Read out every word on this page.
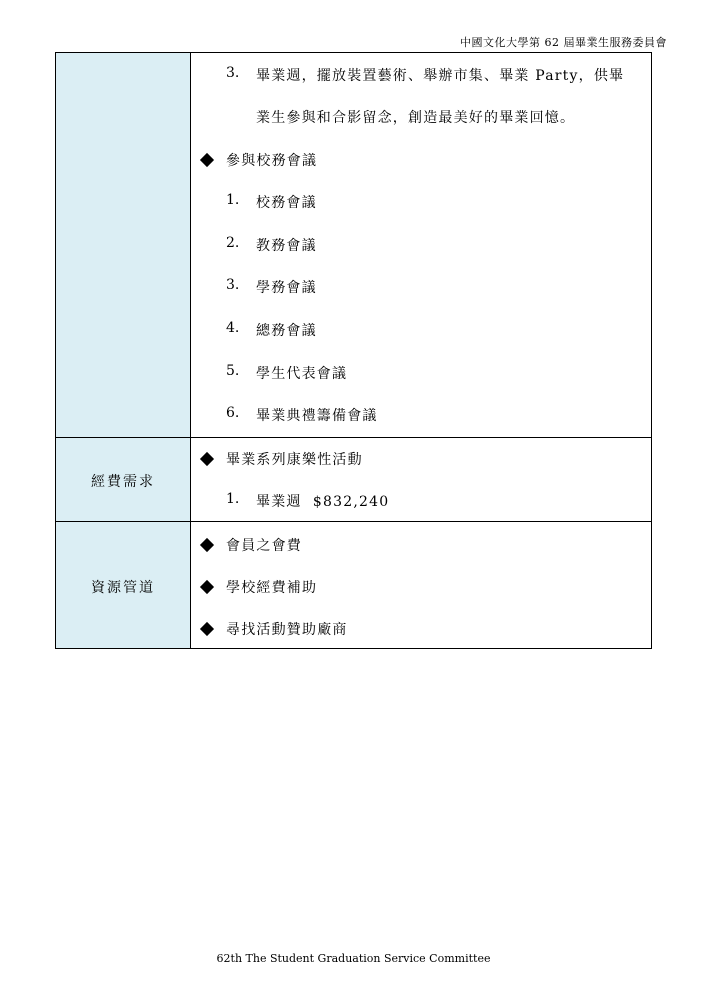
中國文化大學第 62 屆畢業生服務委員會
3. 畢業週，擺放裝置藝術、舉辦市集、畢業 Party，供畢
業生參與和合影留念，創造最美好的畢業回憶。
參與校務會議
1. 校務會議
2. 教務會議
3. 學務會議
4. 總務會議
5. 學生代表會議
6. 畢業典禮籌備會議
經費需求
畢業系列康樂性活動
1. 畢業週  $832,240
資源管道
會員之會費
學校經費補助
尋找活動贊助廠商
62th The Student Graduation Service Committee
